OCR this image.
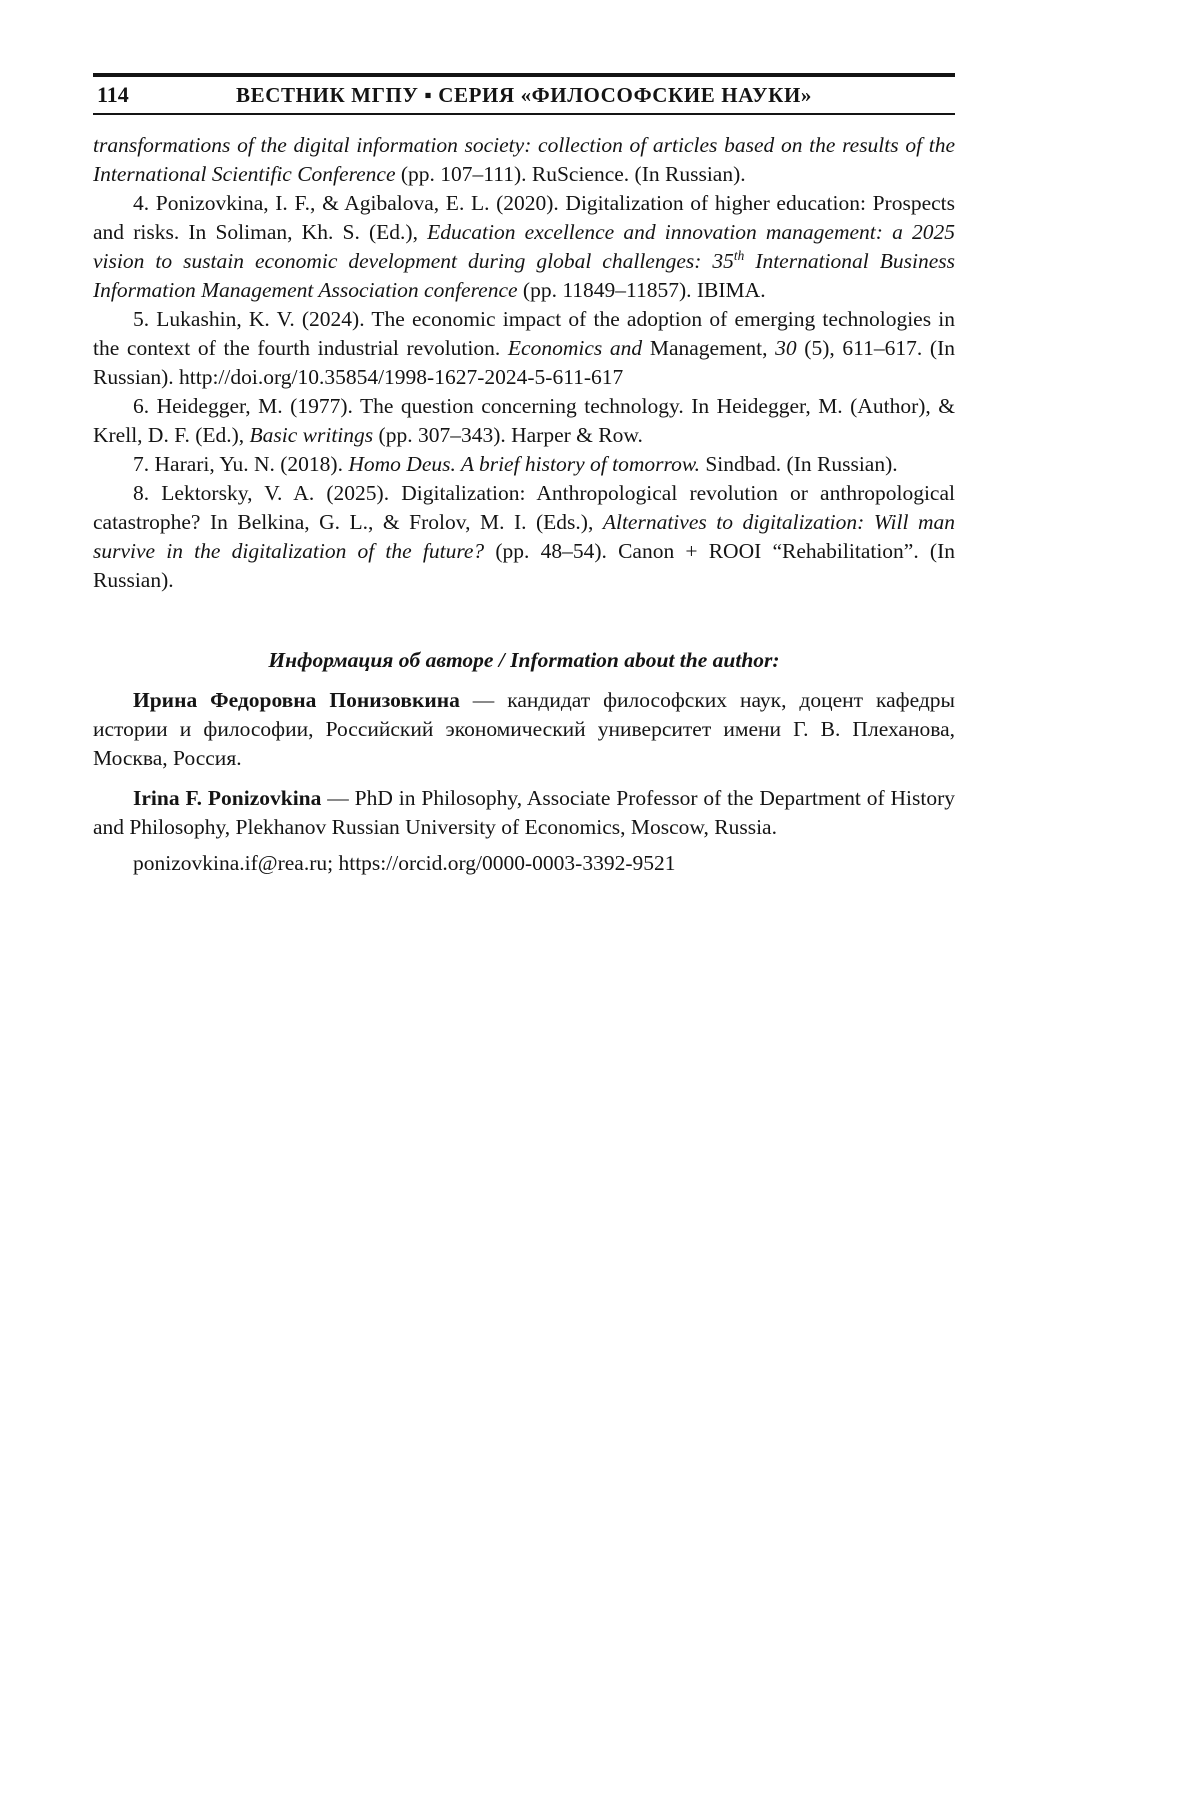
114	ВЕСТНИК МГПУ ▪ СЕРИЯ «ФИЛОСОФСКИЕ НАУКИ»

transformations of the digital information society: collection of articles based on the results of the International Scientific Conference (pp. 107–111). RuScience. (In Russian).

4. Ponizovkina, I. F., & Agibalova, E. L. (2020). Digitalization of higher education: Prospects and risks. In Soliman, Kh. S. (Ed.), Education excellence and innovation management: a 2025 vision to sustain economic development during global challenges: 35th International Business Information Management Association conference (pp. 11849–11857). IBIMA.

5. Lukashin, K. V. (2024). The economic impact of the adoption of emerging technologies in the context of the fourth industrial revolution. Economics and Management, 30 (5), 611–617. (In Russian). http://doi.org/10.35854/1998-1627-2024-5-611-617

6. Heidegger, M. (1977). The question concerning technology. In Heidegger, M. (Author), & Krell, D. F. (Ed.), Basic writings (pp. 307–343). Harper & Row.

7. Harari, Yu. N. (2018). Homo Deus. A brief history of tomorrow. Sindbad. (In Russian).

8. Lektorsky, V. A. (2025). Digitalization: Anthropological revolution or anthropological catastrophe? In Belkina, G. L., & Frolov, M. I. (Eds.), Alternatives to digitalization: Will man survive in the digitalization of the future? (pp. 48–54). Canon + ROOI “Rehabilitation”. (In Russian).

Информация об авторе / Information about the author:

Ирина Федоровна Понизовкина — кандидат философских наук, доцент кафедры истории и философии, Российский экономический университет имени Г. В. Плеханова, Москва, Россия.

Irina F. Ponizovkina — PhD in Philosophy, Associate Professor of the Department of History and Philosophy, Plekhanov Russian University of Economics, Moscow, Russia.

ponizovkina.if@rea.ru; https://orcid.org/0000-0003-3392-9521
